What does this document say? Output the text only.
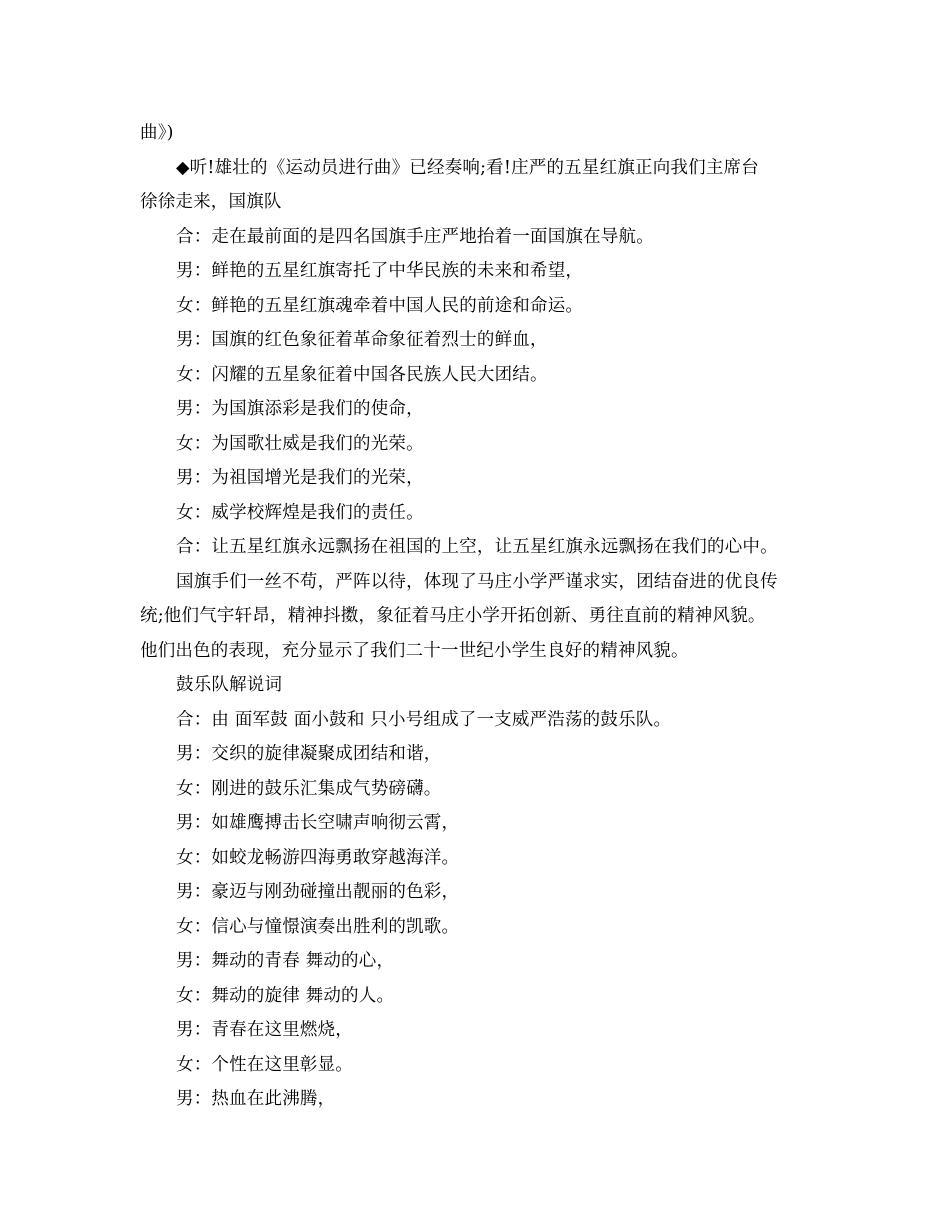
曲》)
◆听!雄壮的《运动员进行曲》已经奏响;看!庄严的五星红旗正向我们主席台
徐徐走来，国旗队
合：走在最前面的是四名国旗手庄严地抬着一面国旗在导航。
男：鲜艳的五星红旗寄托了中华民族的未来和希望，
女：鲜艳的五星红旗魂牵着中国人民的前途和命运。
男：国旗的红色象征着革命象征着烈士的鲜血，
女：闪耀的五星象征着中国各民族人民大团结。
男：为国旗添彩是我们的使命，
女：为国歌壮威是我们的光荣。
男：为祖国增光是我们的光荣，
女：威学校辉煌是我们的责任。
合：让五星红旗永远飘扬在祖国的上空，让五星红旗永远飘扬在我们的心中。
国旗手们一丝不苟，严阵以待，体现了马庄小学严谨求实，团结奋进的优良传
统;他们气宇轩昂，精神抖擞，象征着马庄小学开拓创新、勇往直前的精神风貌。
他们出色的表现，充分显示了我们二十一世纪小学生良好的精神风貌。
鼓乐队解说词
合：由 面军鼓 面小鼓和 只小号组成了一支威严浩荡的鼓乐队。
男：交织的旋律凝聚成团结和谐，
女：刚进的鼓乐汇集成气势磅礴。
男：如雄鹰搏击长空啸声响彻云霄，
女：如蛟龙畅游四海勇敢穿越海洋。
男：豪迈与刚劲碰撞出靓丽的色彩，
女：信心与憧憬演奏出胜利的凯歌。
男：舞动的青春 舞动的心，
女：舞动的旋律 舞动的人。
男：青春在这里燃烧，
女：个性在这里彰显。
男：热血在此沸腾，
